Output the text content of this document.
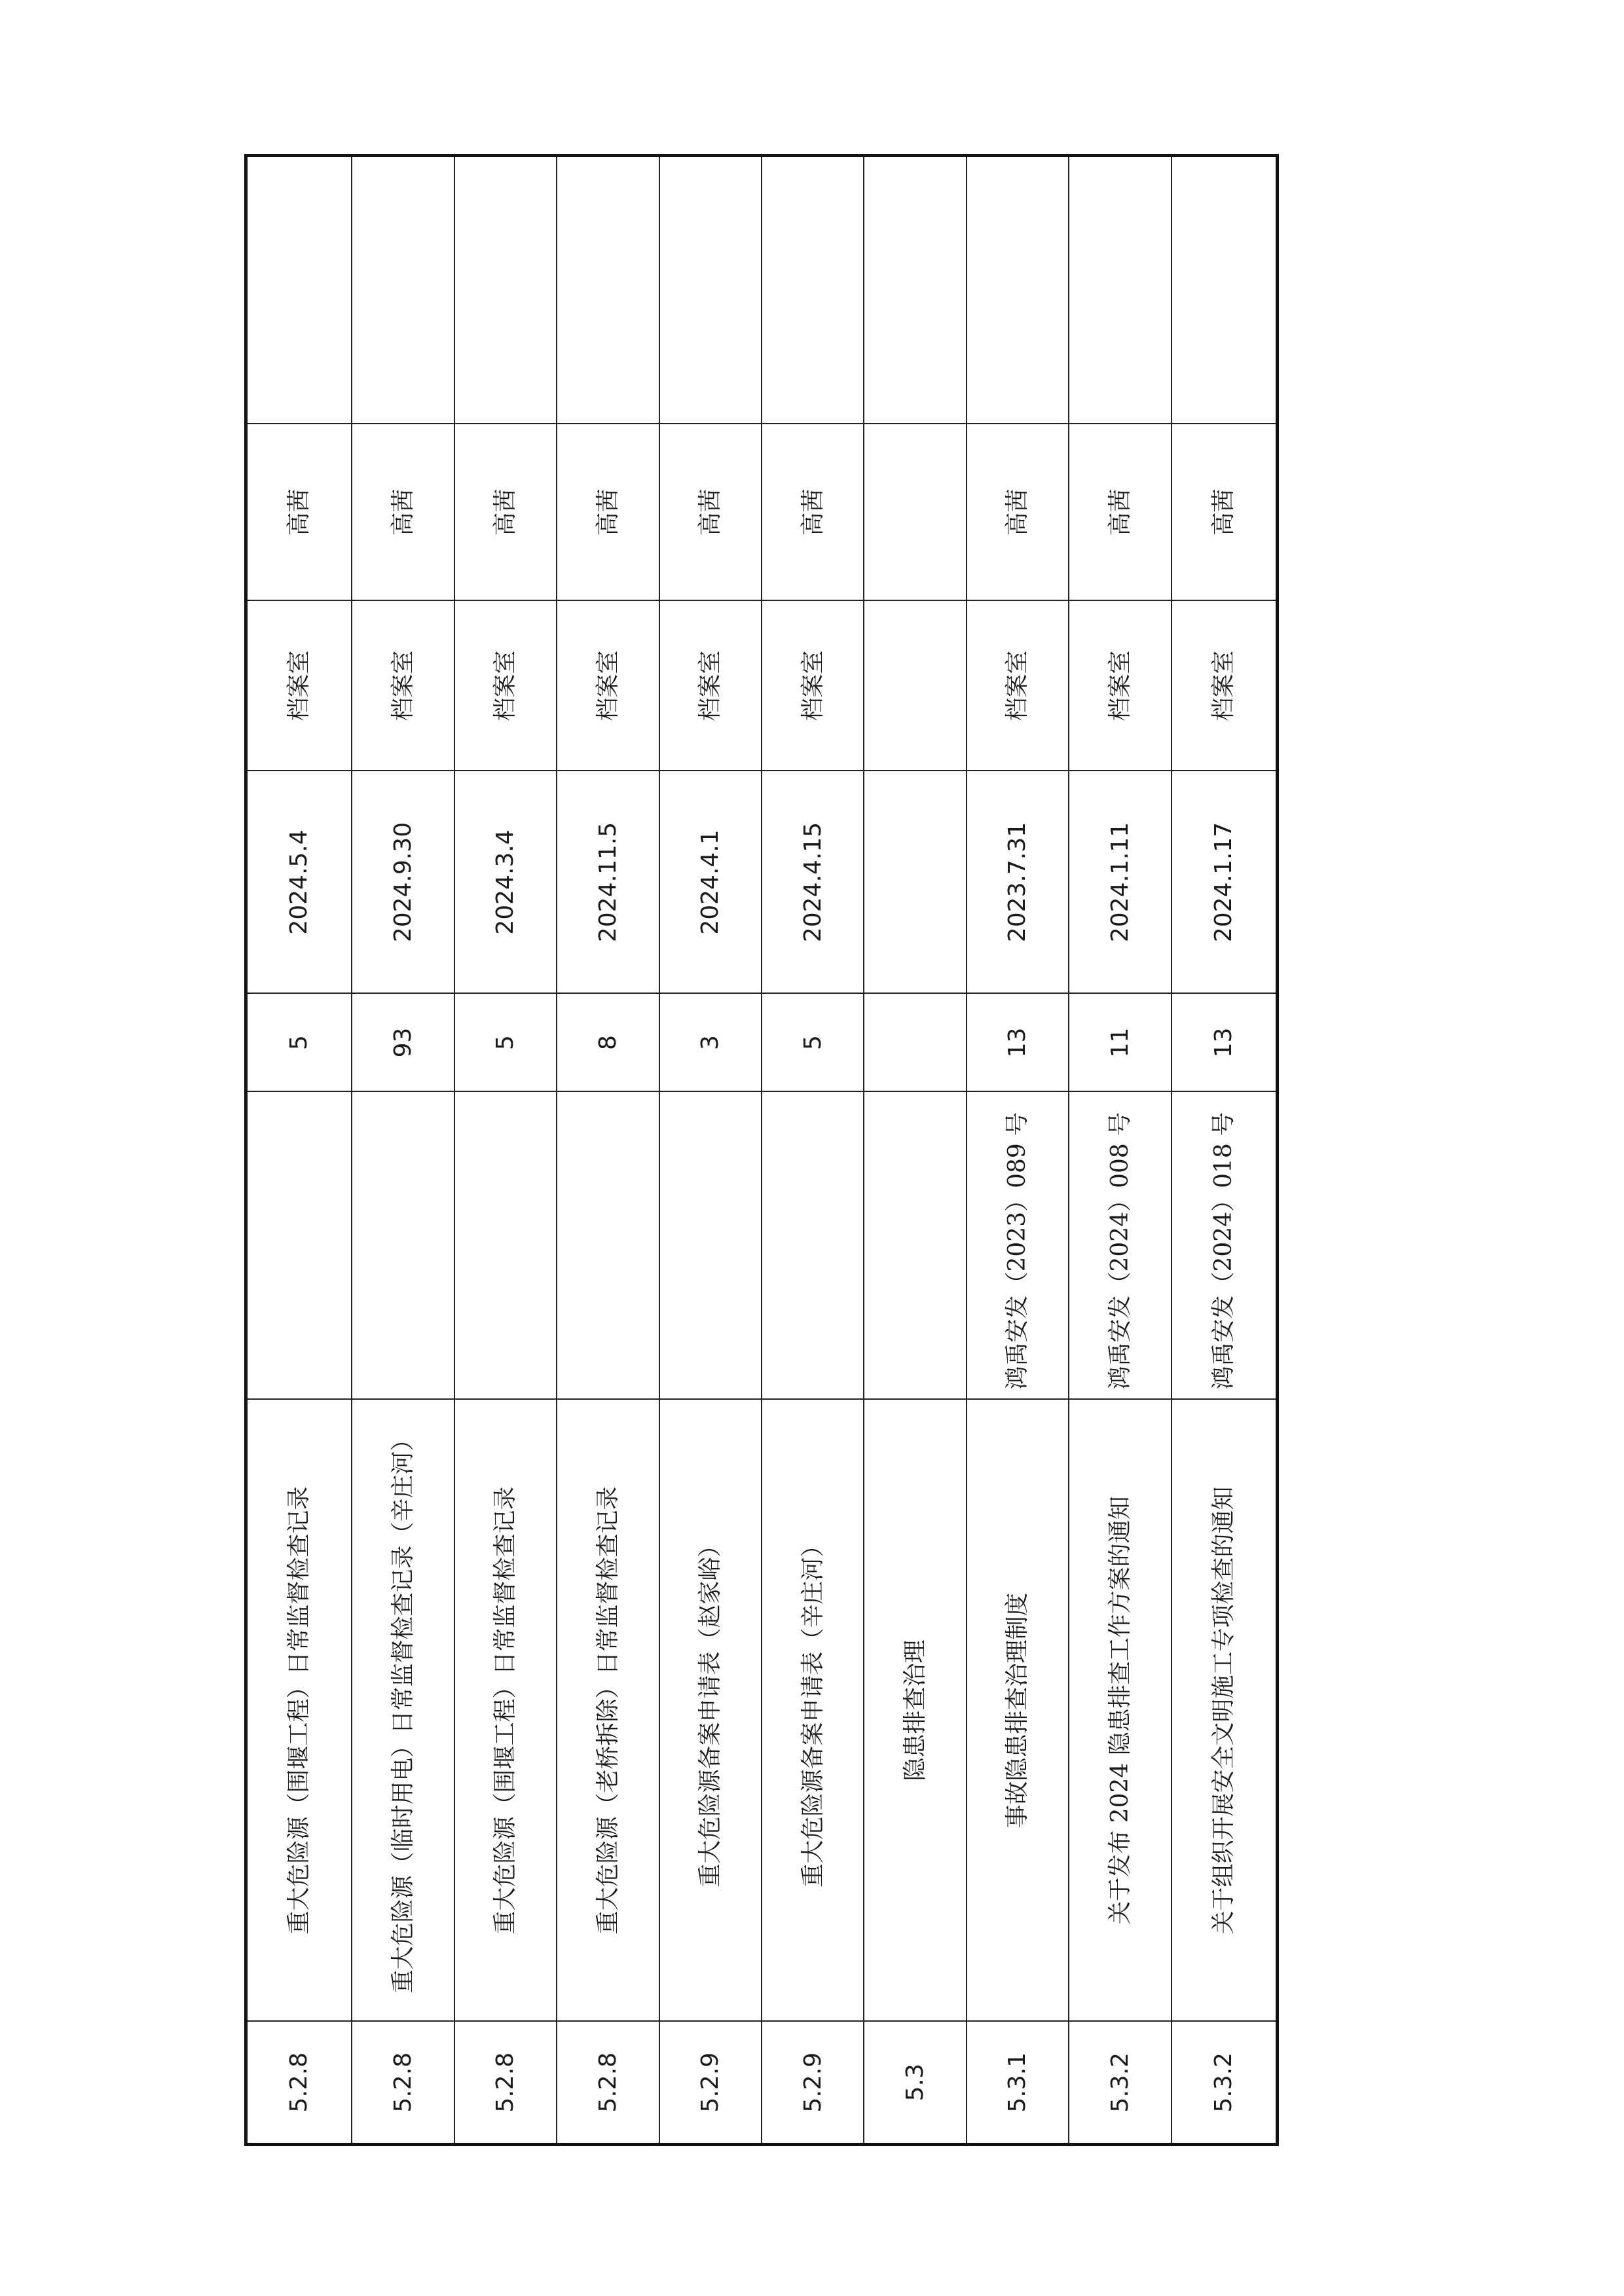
5.2.8	重大危险源（围堰工程）日常监督检查记录		5	2024.5.4	档案室	高茜	
5.2.8	重大危险源（临时用电）日常监督检查记录（辛庄河）		93	2024.9.30	档案室	高茜	
5.2.8	重大危险源（围堰工程）日常监督检查记录		5	2024.3.4	档案室	高茜	
5.2.8	重大危险源（老桥拆除）日常监督检查记录		8	2024.11.5	档案室	高茜	
5.2.9	重大危险源备案申请表（赵家峪）		3	2024.4.1	档案室	高茜	
5.2.9	重大危险源备案申请表（辛庄河）		5	2024.4.15	档案室	高茜	
5.3	隐患排查治理						
5.3.1	事故隐患排查治理制度	鸿禹安发（2023）089 号	13	2023.7.31	档案室	高茜	
5.3.2	关于发布 2024 隐患排查工作方案的通知	鸿禹安发（2024）008 号	11	2024.1.11	档案室	高茜	
5.3.2	关于组织开展安全文明施工专项检查的通知	鸿禹安发（2024）018 号	13	2024.1.17	档案室	高茜	
